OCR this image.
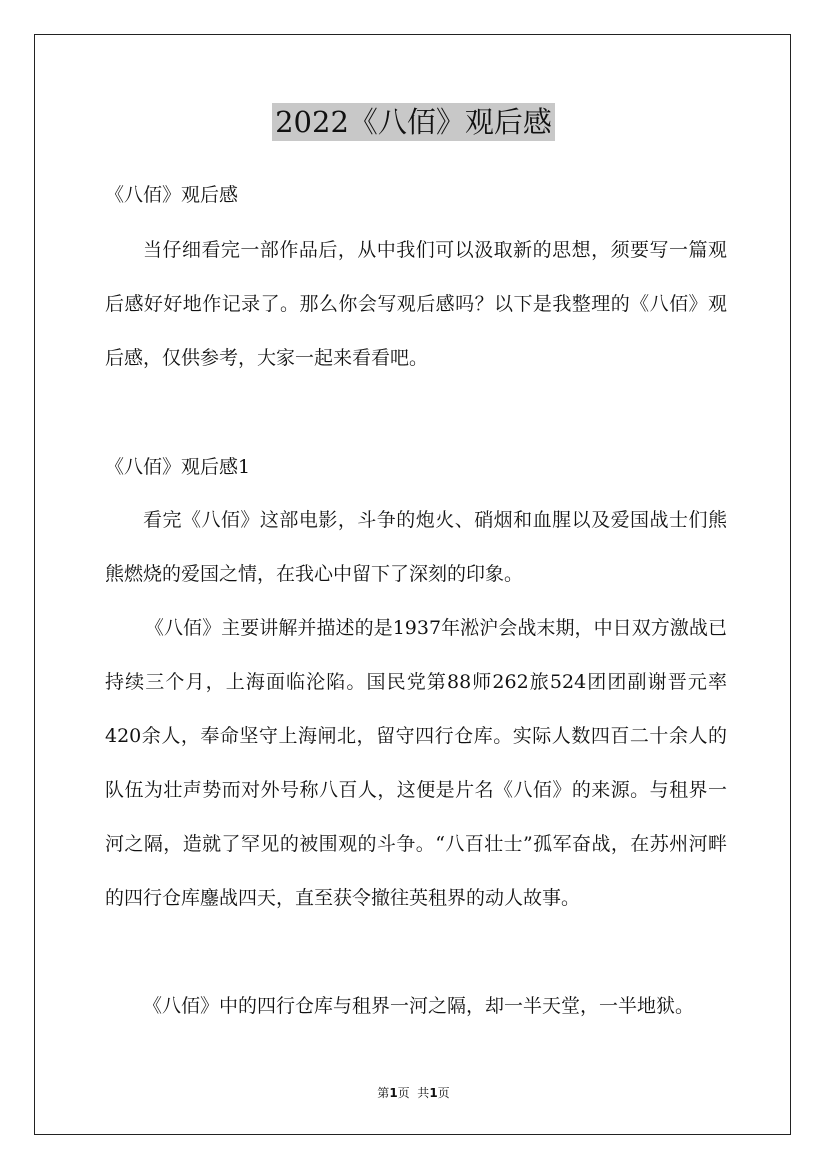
2022《八佰》观后感
《八佰》观后感

当仔细看完一部作品后，从中我们可以汲取新的思想，须要写一篇观后感好好地作记录了。那么你会写观后感吗？以下是我整理的《八佰》观后感，仅供参考，大家一起来看看吧。

《八佰》观后感1

看完《八佰》这部电影，斗争的炮火、硝烟和血腥以及爱国战士们熊熊燃烧的爱国之情，在我心中留下了深刻的印象。

《八佰》主要讲解并描述的是1937年淞沪会战末期，中日双方激战已持续三个月，上海面临沦陷。国民党第88师262旅524团团副谢晋元率420余人，奉命坚守上海闸北，留守四行仓库。实际人数四百二十余人的队伍为壮声势而对外号称八百人，这便是片名《八佰》的来源。与租界一河之隔，造就了罕见的被围观的斗争。“八百壮士”孤军奋战，在苏州河畔的四行仓库鏖战四天，直至获令撤往英租界的动人故事。

《八佰》中的四行仓库与租界一河之隔，却一半天堂，一半地狱。

第1页  共1页
